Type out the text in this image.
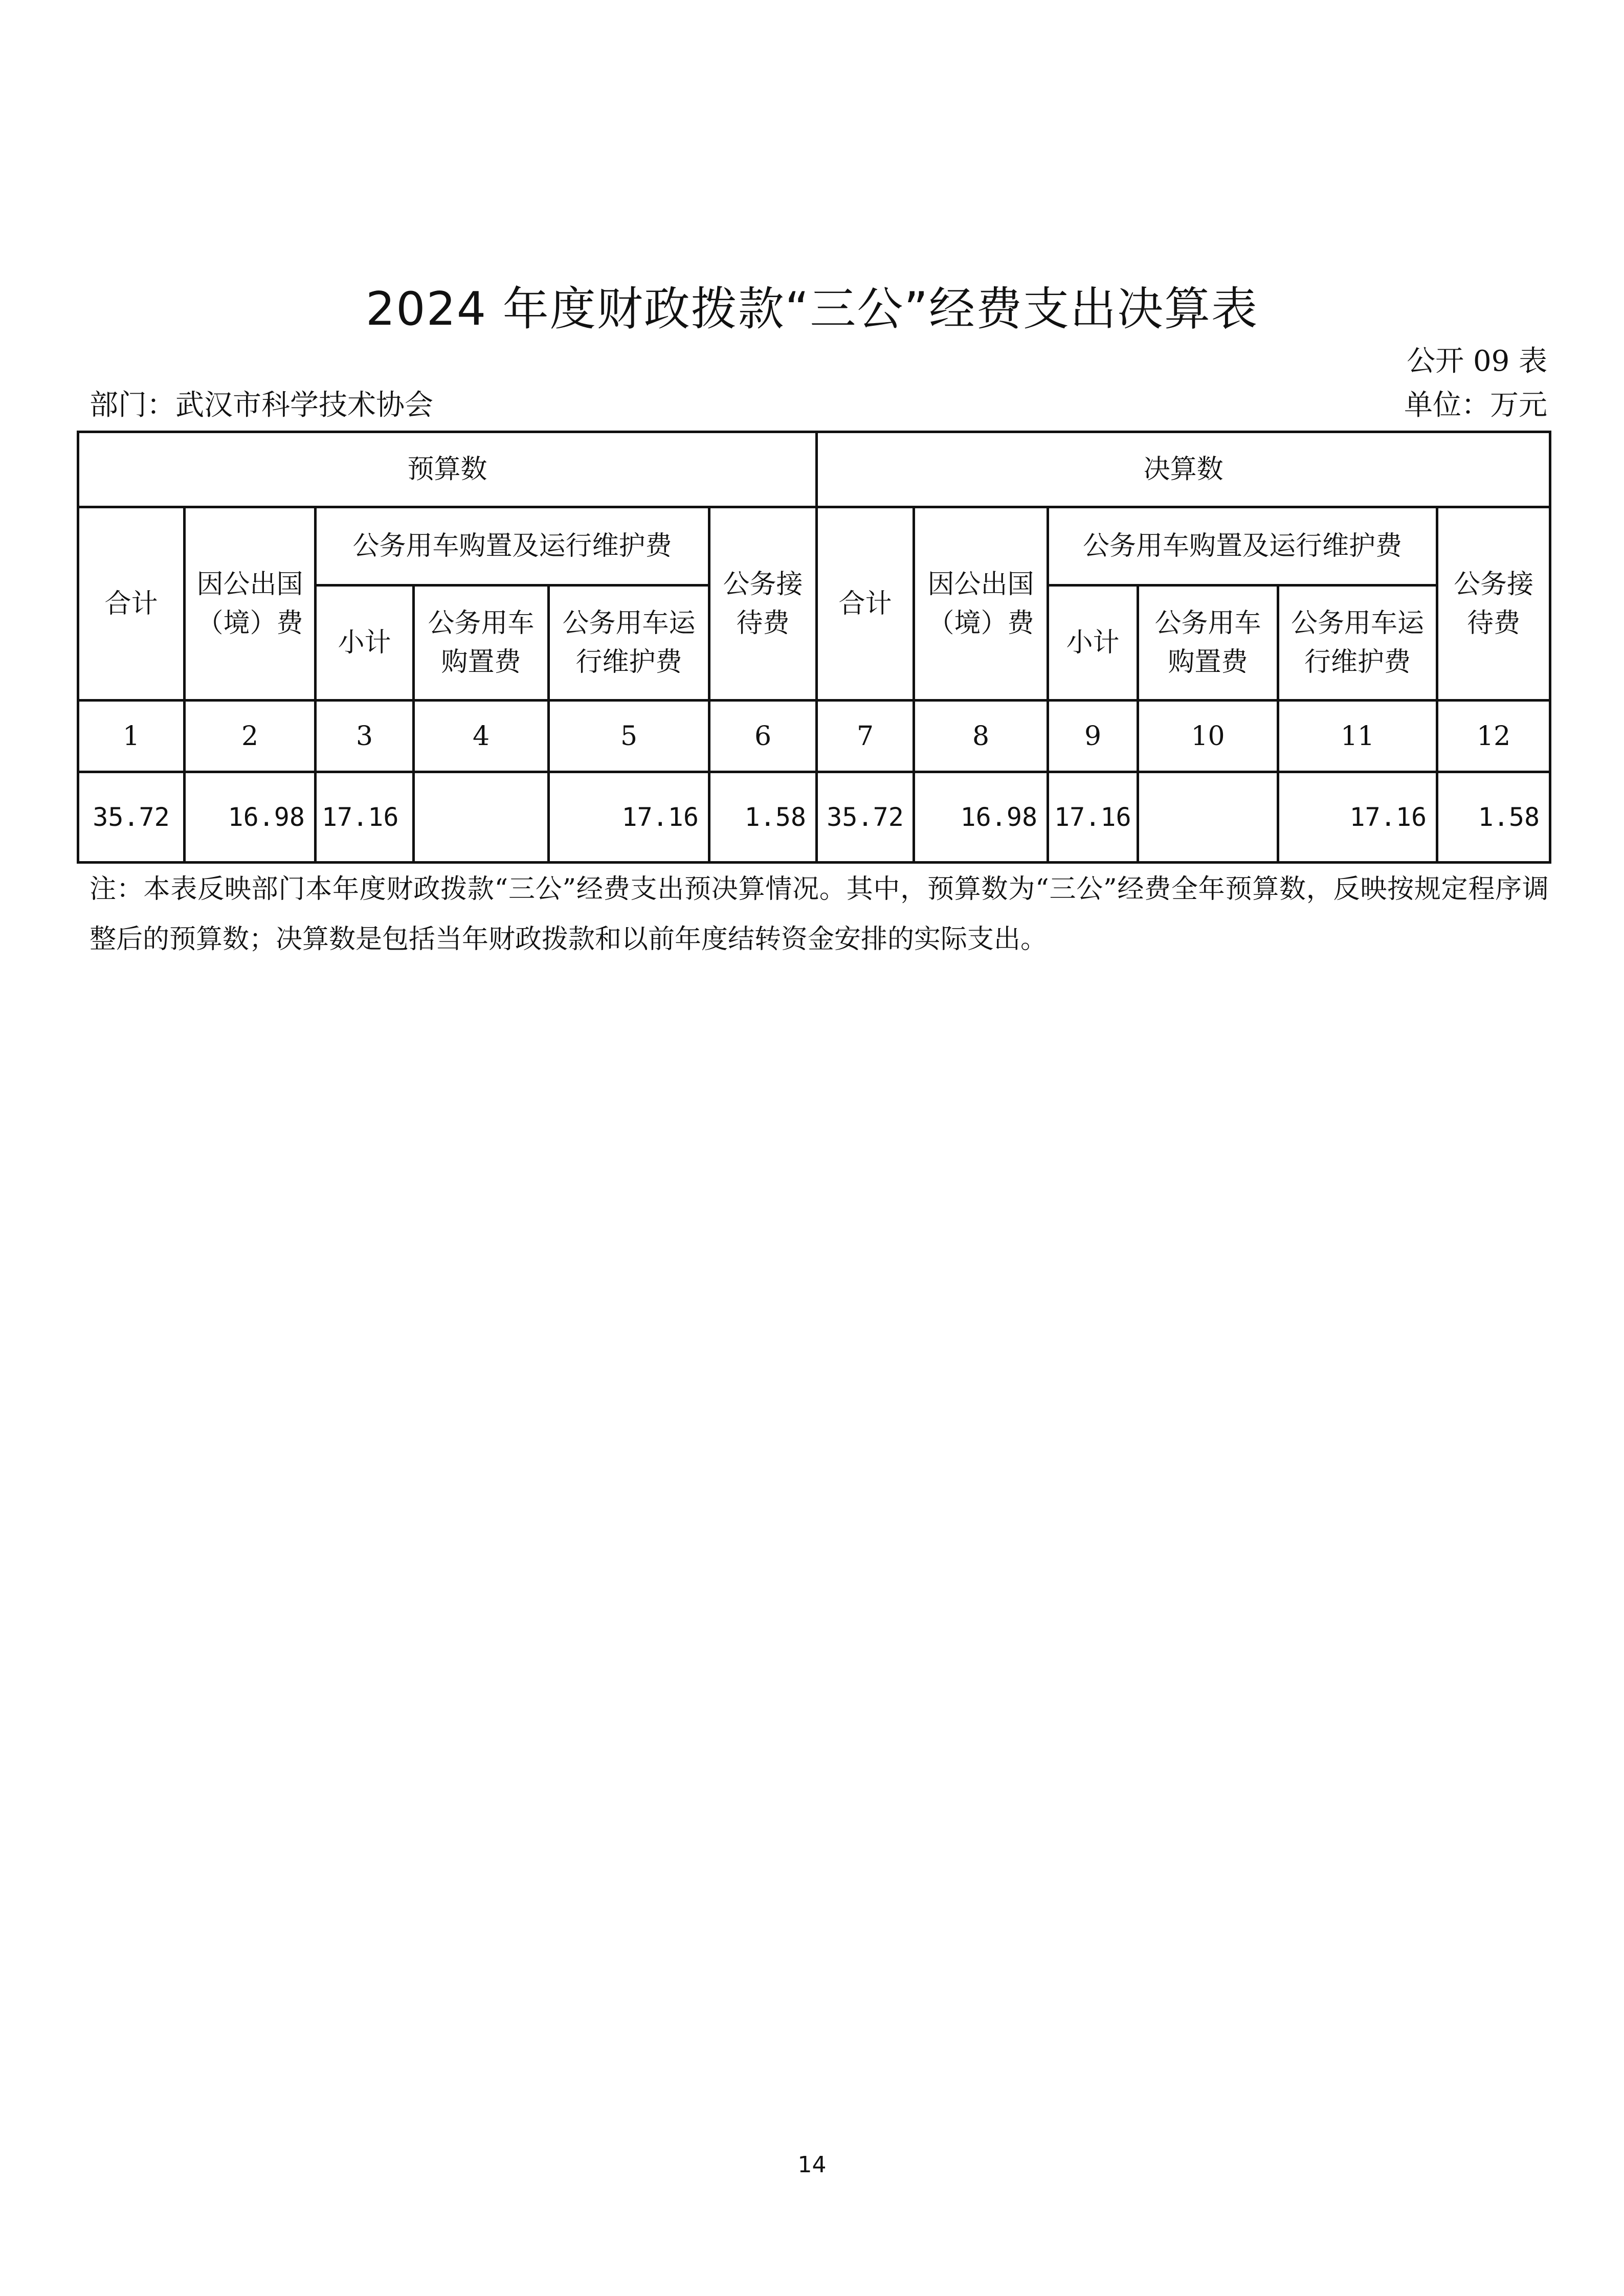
2024 年度财政拨款“三公”经费支出决算表
公开 09 表
部门：武汉市科学技术协会	单位：万元
预算数						决算数					
合计	因公出国（境）费	公务用车购置及运行维护费			公务接待费	合计	因公出国（境）费	公务用车购置及运行维护费			公务接待费
		小计	公务用车购置费	公务用车运行维护费				小计	公务用车购置费	公务用车运行维护费	
1	2	3	4	5	6	7	8	9	10	11	12
35.72	16.98	17.16		17.16	1.58	35.72	16.98	17.16		17.16	1.58
注：本表反映部门本年度财政拨款“三公”经费支出预决算情况。其中，预算数为“三公”经费全年预算数，反映按规定程序调整后的预算数；决算数是包括当年财政拨款和以前年度结转资金安排的实际支出。
14
